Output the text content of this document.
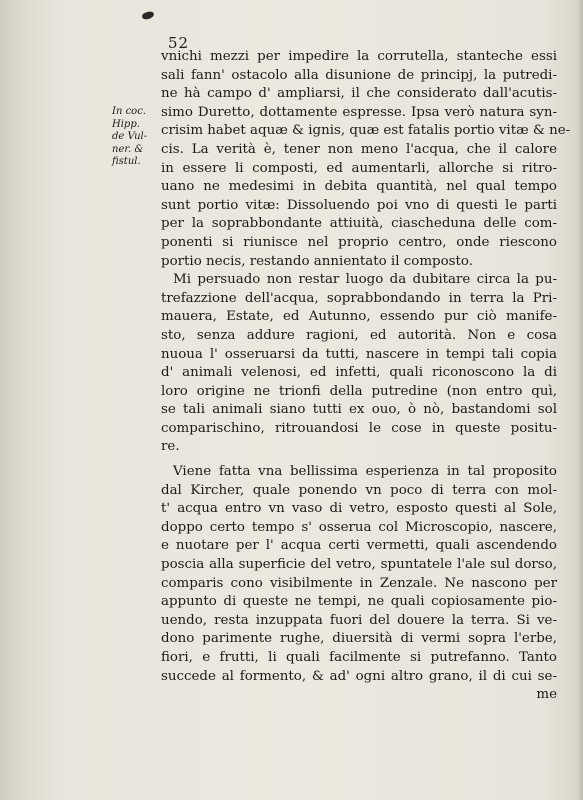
52
In coc.
Hipp.
de Vul-
ner. &
fistul.
vnichi mezzi per impedire la corrutella, stanteche essi
sali fann' ostacolo alla disunione de principj, la putredi-
ne hà campo d' ampliarsi, il che considerato dall'acutis-
simo Duretto, dottamente espresse. Ipsa verò natura syn-
crisim habet aquæ & ignis, quæ est fatalis portio vitæ & ne-
cis. La verità è, tener non meno l'acqua, che il calore
in essere li composti, ed aumentarli, allorche si ritro-
uano ne medesimi in debita quantità, nel qual tempo
sunt portio vitæ: Dissoluendo poi vno di questi le parti
per la soprabbondante attiuità, ciascheduna delle com-
ponenti si riunisce nel proprio centro, onde riescono
portio necis, restando annientato il composto.
Mi persuado non restar luogo da dubitare circa la pu-
trefazzione dell'acqua, soprabbondando in terra la Pri-
mauera, Estate, ed Autunno, essendo pur ciò manife-
sto, senza addure ragioni, ed autorità. Non e cosa
nuoua l' osseruarsi da tutti, nascere in tempi tali copia
d' animali velenosi, ed infetti, quali riconoscono la di
loro origine ne trionfi della putredine (non entro quì,
se tali animali siano tutti ex ouo, ò nò, bastandomi sol
comparischino, ritrouandosi le cose in queste positu-
re.
Viene fatta vna bellissima esperienza in tal proposito
dal Kircher, quale ponendo vn poco di terra con mol-
t' acqua entro vn vaso di vetro, esposto questi al Sole,
doppo certo tempo s' osserua col Microscopio, nascere,
e nuotare per l' acqua certi vermetti, quali ascendendo
poscia alla superficie del vetro, spuntatele l'ale sul dorso,
comparis cono visibilmente in Zenzale. Ne nascono per
appunto di queste ne tempi, ne quali copiosamente pio-
uendo, resta inzuppata fuori del douere la terra. Si ve-
dono parimente rughe, diuersità di vermi sopra l'erbe,
fiori, e frutti, li quali facilmente si putrefanno. Tanto
succede al formento, & ad' ogni altro grano, il di cui se-
me
